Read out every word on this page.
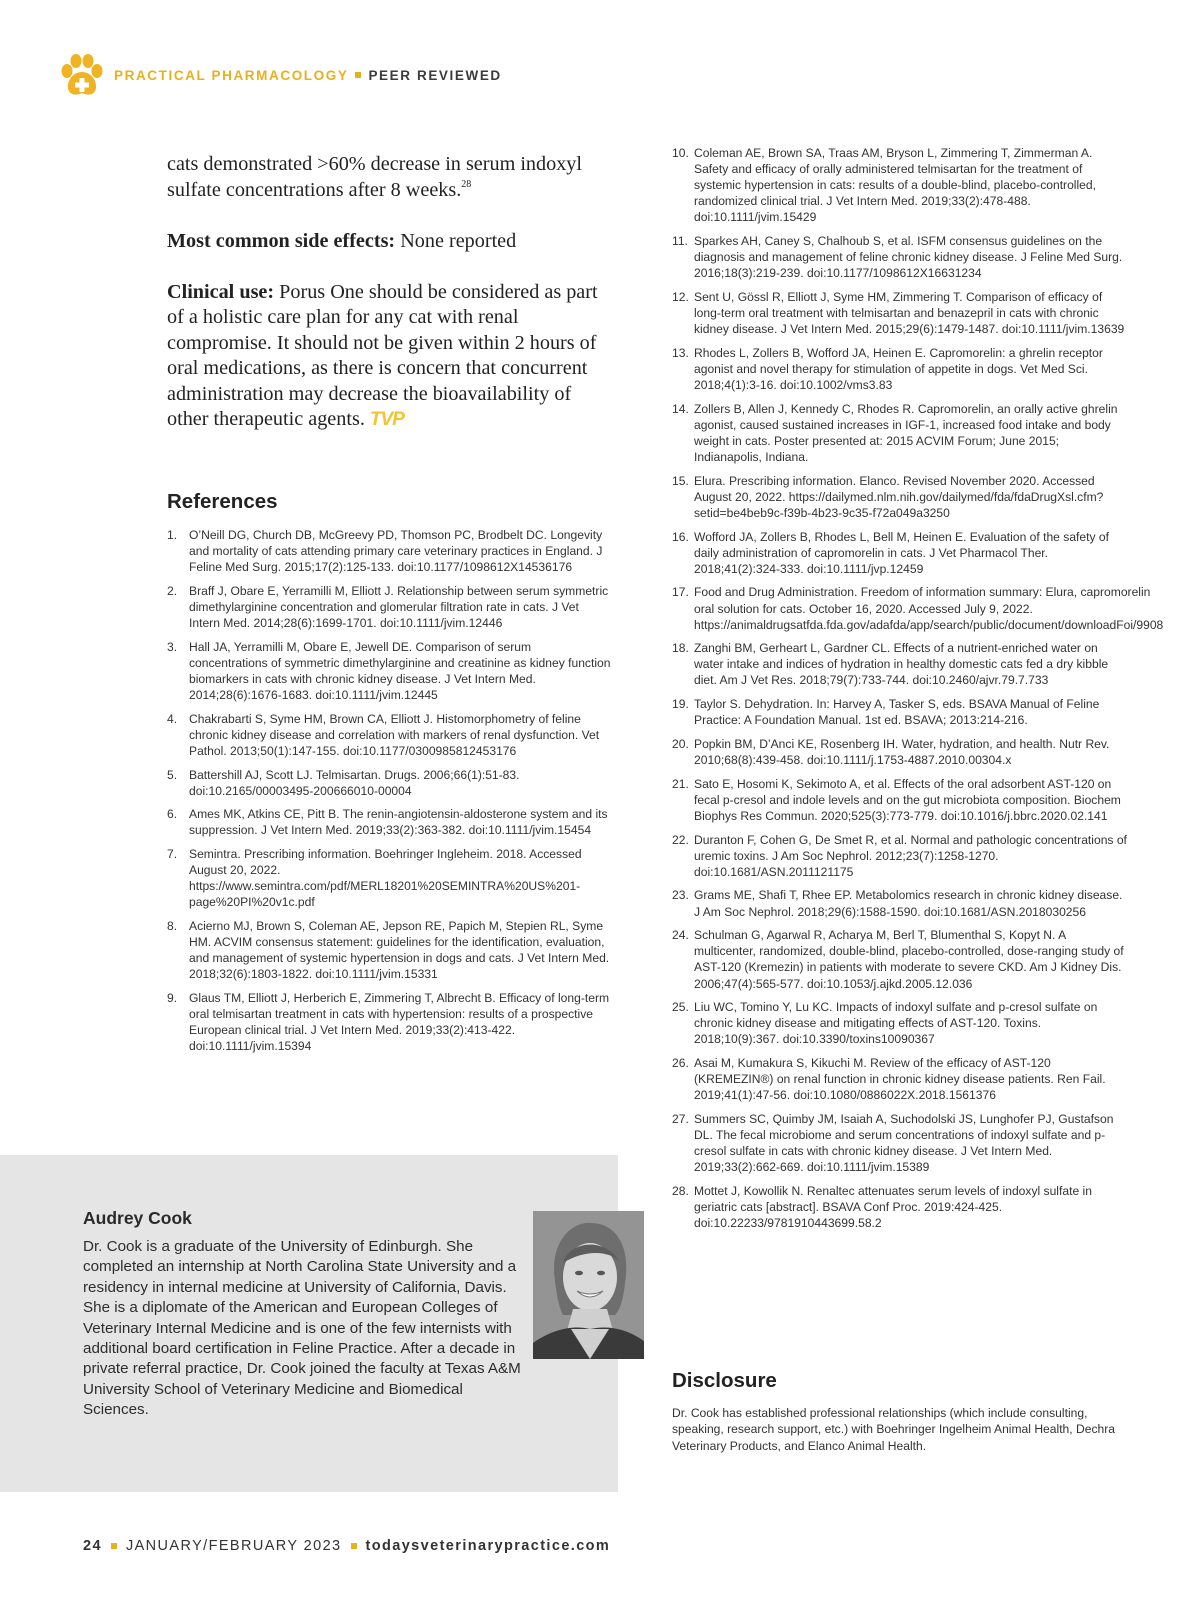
PRACTICAL PHARMACOLOGY PEER REVIEWED

cats demonstrated >60% decrease in serum indoxyl sulfate concentrations after 8 weeks.$^{28}$

Most common side effects: None reported

Clinical use: Porus One should be considered as part of a holistic care plan for any cat with renal compromise. It should not be given within 2 hours of oral medications, as there is concern that concurrent administration may decrease the bioavailability of other therapeutic agents. TVP

References
1. O’Neill DG, Church DB, McGreevy PD, Thomson PC, Brodbelt DC. Longevity and mortality of cats attending primary care veterinary practices in England. J Feline Med Surg. 2015;17(2):125-133. doi:10.1177/1098612X14536176
2. Braff J, Obare E, Yerramilli M, Elliott J. Relationship between serum symmetric dimethylarginine concentration and glomerular filtration rate in cats. J Vet Intern Med. 2014;28(6):1699-1701. doi:10.1111/jvim.12446
3. Hall JA, Yerramilli M, Obare E, Jewell DE. Comparison of serum concentrations of symmetric dimethylarginine and creatinine as kidney function biomarkers in cats with chronic kidney disease. J Vet Intern Med. 2014;28(6):1676-1683. doi:10.1111/jvim.12445
4. Chakrabarti S, Syme HM, Brown CA, Elliott J. Histomorphometry of feline chronic kidney disease and correlation with markers of renal dysfunction. Vet Pathol. 2013;50(1):147-155. doi:10.1177/0300985812453176
5. Battershill AJ, Scott LJ. Telmisartan. Drugs. 2006;66(1):51-83. doi:10.2165/00003495-200666010-00004
6. Ames MK, Atkins CE, Pitt B. The renin-angiotensin-aldosterone system and its suppression. J Vet Intern Med. 2019;33(2):363-382. doi:10.1111/jvim.15454
7. Semintra. Prescribing information. Boehringer Ingleheim. 2018. Accessed August 20, 2022. https://www.semintra.com/pdf/MERL18201%20SEMINTRA%20US%201-page%20PI%20v1c.pdf
8. Acierno MJ, Brown S, Coleman AE, Jepson RE, Papich M, Stepien RL, Syme HM. ACVIM consensus statement: guidelines for the identification, evaluation, and management of systemic hypertension in dogs and cats. J Vet Intern Med. 2018;32(6):1803-1822. doi:10.1111/jvim.15331
9. Glaus TM, Elliott J, Herberich E, Zimmering T, Albrecht B. Efficacy of long-term oral telmisartan treatment in cats with hypertension: results of a prospective European clinical trial. J Vet Intern Med. 2019;33(2):413-422. doi:10.1111/jvim.15394
10. Coleman AE, Brown SA, Traas AM, Bryson L, Zimmering T, Zimmerman A. Safety and efficacy of orally administered telmisartan for the treatment of systemic hypertension in cats: results of a double-blind, placebo-controlled, randomized clinical trial. J Vet Intern Med. 2019;33(2):478-488. doi:10.1111/jvim.15429
11. Sparkes AH, Caney S, Chalhoub S, et al. ISFM consensus guidelines on the diagnosis and management of feline chronic kidney disease. J Feline Med Surg. 2016;18(3):219-239. doi:10.1177/1098612X16631234
12. Sent U, Gössl R, Elliott J, Syme HM, Zimmering T. Comparison of efficacy of long-term oral treatment with telmisartan and benazepril in cats with chronic kidney disease. J Vet Intern Med. 2015;29(6):1479-1487. doi:10.1111/jvim.13639
13. Rhodes L, Zollers B, Wofford JA, Heinen E. Capromorelin: a ghrelin receptor agonist and novel therapy for stimulation of appetite in dogs. Vet Med Sci. 2018;4(1):3-16. doi:10.1002/vms3.83
14. Zollers B, Allen J, Kennedy C, Rhodes R. Capromorelin, an orally active ghrelin agonist, caused sustained increases in IGF-1, increased food intake and body weight in cats. Poster presented at: 2015 ACVIM Forum; June 2015; Indianapolis, Indiana.
15. Elura. Prescribing information. Elanco. Revised November 2020. Accessed August 20, 2022. https://dailymed.nlm.nih.gov/dailymed/fda/fdaDrugXsl.cfm?setid=be4beb9c-f39b-4b23-9c35-f72a049a3250
16. Wofford JA, Zollers B, Rhodes L, Bell M, Heinen E. Evaluation of the safety of daily administration of capromorelin in cats. J Vet Pharmacol Ther. 2018;41(2):324-333. doi:10.1111/jvp.12459
17. Food and Drug Administration. Freedom of information summary: Elura, capromorelin oral solution for cats. October 16, 2020. Accessed July 9, 2022. https://animaldrugsatfda.fda.gov/adafda/app/search/public/document/downloadFoi/9908
18. Zanghi BM, Gerheart L, Gardner CL. Effects of a nutrient-enriched water on water intake and indices of hydration in healthy domestic cats fed a dry kibble diet. Am J Vet Res. 2018;79(7):733-744. doi:10.2460/ajvr.79.7.733
19. Taylor S. Dehydration. In: Harvey A, Tasker S, eds. BSAVA Manual of Feline Practice: A Foundation Manual. 1st ed. BSAVA; 2013:214-216.
20. Popkin BM, D’Anci KE, Rosenberg IH. Water, hydration, and health. Nutr Rev. 2010;68(8):439-458. doi:10.1111/j.1753-4887.2010.00304.x
21. Sato E, Hosomi K, Sekimoto A, et al. Effects of the oral adsorbent AST-120 on fecal p-cresol and indole levels and on the gut microbiota composition. Biochem Biophys Res Commun. 2020;525(3):773-779. doi:10.1016/j.bbrc.2020.02.141
22. Duranton F, Cohen G, De Smet R, et al. Normal and pathologic concentrations of uremic toxins. J Am Soc Nephrol. 2012;23(7):1258-1270. doi:10.1681/ASN.2011121175
23. Grams ME, Shafi T, Rhee EP. Metabolomics research in chronic kidney disease. J Am Soc Nephrol. 2018;29(6):1588-1590. doi:10.1681/ASN.2018030256
24. Schulman G, Agarwal R, Acharya M, Berl T, Blumenthal S, Kopyt N. A multicenter, randomized, double-blind, placebo-controlled, dose-ranging study of AST-120 (Kremezin) in patients with moderate to severe CKD. Am J Kidney Dis. 2006;47(4):565-577. doi:10.1053/j.ajkd.2005.12.036
25. Liu WC, Tomino Y, Lu KC. Impacts of indoxyl sulfate and p-cresol sulfate on chronic kidney disease and mitigating effects of AST-120. Toxins. 2018;10(9):367. doi:10.3390/toxins10090367
26. Asai M, Kumakura S, Kikuchi M. Review of the efficacy of AST-120 (KREMEZIN®) on renal function in chronic kidney disease patients. Ren Fail. 2019;41(1):47-56. doi:10.1080/0886022X.2018.1561376
27. Summers SC, Quimby JM, Isaiah A, Suchodolski JS, Lunghofer PJ, Gustafson DL. The fecal microbiome and serum concentrations of indoxyl sulfate and p-cresol sulfate in cats with chronic kidney disease. J Vet Intern Med. 2019;33(2):662-669. doi:10.1111/jvim.15389
28. Mottet J, Kowollik N. Renaltec attenuates serum levels of indoxyl sulfate in geriatric cats [abstract]. BSAVA Conf Proc. 2019:424-425. doi:10.22233/9781910443699.58.2
Audrey Cook

Dr. Cook is a graduate of the University of Edinburgh. She completed an internship at North Carolina State University and a residency in internal medicine at University of California, Davis. She is a diplomate of the American and European Colleges of Veterinary Internal Medicine and is one of the few internists with additional board certification in Feline Practice. After a decade in private referral practice, Dr. Cook joined the faculty at Texas A&M University School of Veterinary Medicine and Biomedical Sciences.

Disclosure

Dr. Cook has established professional relationships (which include consulting, speaking, research support, etc.) with Boehringer Ingelheim Animal Health, Dechra Veterinary Products, and Elanco Animal Health.

24 JANUARY/FEBRUARY 2023 todaysveterinarypractice.com
